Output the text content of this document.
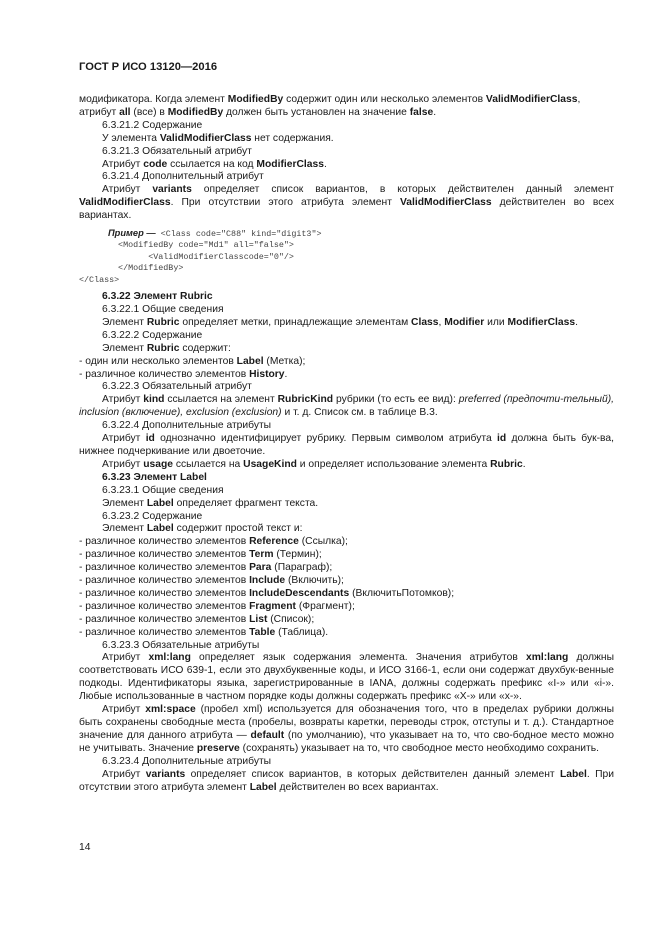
ГОСТ Р ИСО 13120—2016

модификатора. Когда элемент ModifiedBy содержит один или несколько элементов ValidModifierClass,

атрибут all (все) в ModifiedBy должен быть установлен на значение false.

6.3.21.2 Содержание

У элемента ValidModifierClass нет содержания.

6.3.21.3 Обязательный атрибут

Атрибут code ссылается на код ModifierClass.

6.3.21.4 Дополнительный атрибут

Атрибут variants определяет список вариантов, в которых действителен данный элемент ValidModifierClass. При отсутствии этого атрибута элемент ValidModifierClass действителен во всех вариантах.

Пример — <Class code="C88" kind="digit3">
<ModifiedBy code="Md1" all="false">
<ValidModifierClasscode="0"/>
</ModifiedBy>
</Class>

6.3.22 Элемент Rubric

6.3.22.1 Общие сведения

Элемент Rubric определяет метки, принадлежащие элементам Class, Modifier или ModifierClass.

6.3.22.2 Содержание

Элемент Rubric содержит:

- один или несколько элементов Label (Метка);

- различное количество элементов History.

6.3.22.3 Обязательный атрибут

Атрибут kind ссылается на элемент RubricKind рубрики (то есть ее вид): preferred (предпочти-тельный), inclusion (включение), exclusion (exclusion) и т. д. Список см. в таблице В.3.

6.3.22.4 Дополнительные атрибуты

Атрибут id однозначно идентифицирует рубрику. Первым символом атрибута id должна быть бук-ва, нижнее подчеркивание или двоеточие.

Атрибут usage ссылается на UsageKind и определяет использование элемента Rubric.

6.3.23 Элемент Label

6.3.23.1 Общие сведения

Элемент Label определяет фрагмент текста.

6.3.23.2 Содержание

Элемент Label содержит простой текст и:

- различное количество элементов Reference (Ссылка);

- различное количество элементов Term (Термин);

- различное количество элементов Para (Параграф);

- различное количество элементов Include (Включить);

- различное количество элементов IncludeDescendants (ВключитьПотомков);

- различное количество элементов Fragment (Фрагмент);

- различное количество элементов List (Список);

- различное количество элементов Table (Таблица).

6.3.23.3 Обязательные атрибуты

Атрибут xml:lang определяет язык содержания элемента. Значения атрибутов xml:lang должны соответствовать ИСО 639-1, если это двухбуквенные коды, и ИСО 3166-1, если они содержат двухбук-венные подкоды. Идентификаторы языка, зарегистрированные в IANA, должны содержать префикс «I-» или «i-». Любые использованные в частном порядке коды должны содержать префикс «X-» или «x-».

Атрибут xml:space (пробел xml) используется для обозначения того, что в пределах рубрики должны быть сохранены свободные места (пробелы, возвраты каретки, переводы строк, отступы и т. д.). Стандартное значение для данного атрибута — default (по умолчанию), что указывает на то, что сво-бодное место можно не учитывать. Значение preserve (сохранять) указывает на то, что свободное место необходимо сохранить.

6.3.23.4 Дополнительные атрибуты

Атрибут variants определяет список вариантов, в которых действителен данный элемент Label. При отсутствии этого атрибута элемент Label действителен во всех вариантах.

14
